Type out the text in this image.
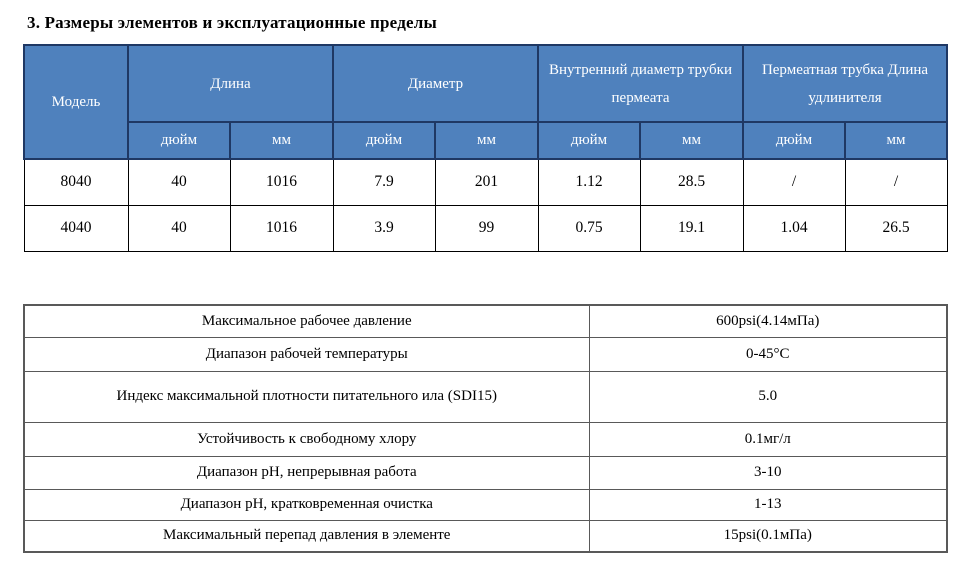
3. Размеры элементов и эксплуатационные пределы
Модель	Длина		Диаметр		Внутренний диаметр трубки пермеата		Пермеатная трубка Длина удлинителя	
	дюйм	мм	дюйм	мм	дюйм	мм	дюйм	мм
8040	40	1016	7.9	201	1.12	28.5	/	/
4040	40	1016	3.9	99	0.75	19.1	1.04	26.5
Максимальное рабочее давление	600psi(4.14мПа)
Диапазон рабочей температуры	0-45°C
Индекс максимальной плотности питательного ила (SDI15)	5.0
Устойчивость к свободному хлору	0.1мг/л
Диапазон pH, непрерывная работа	3-10
Диапазон pH, кратковременная очистка	1-13
Максимальный перепад давления в элементе	15psi(0.1мПа)
